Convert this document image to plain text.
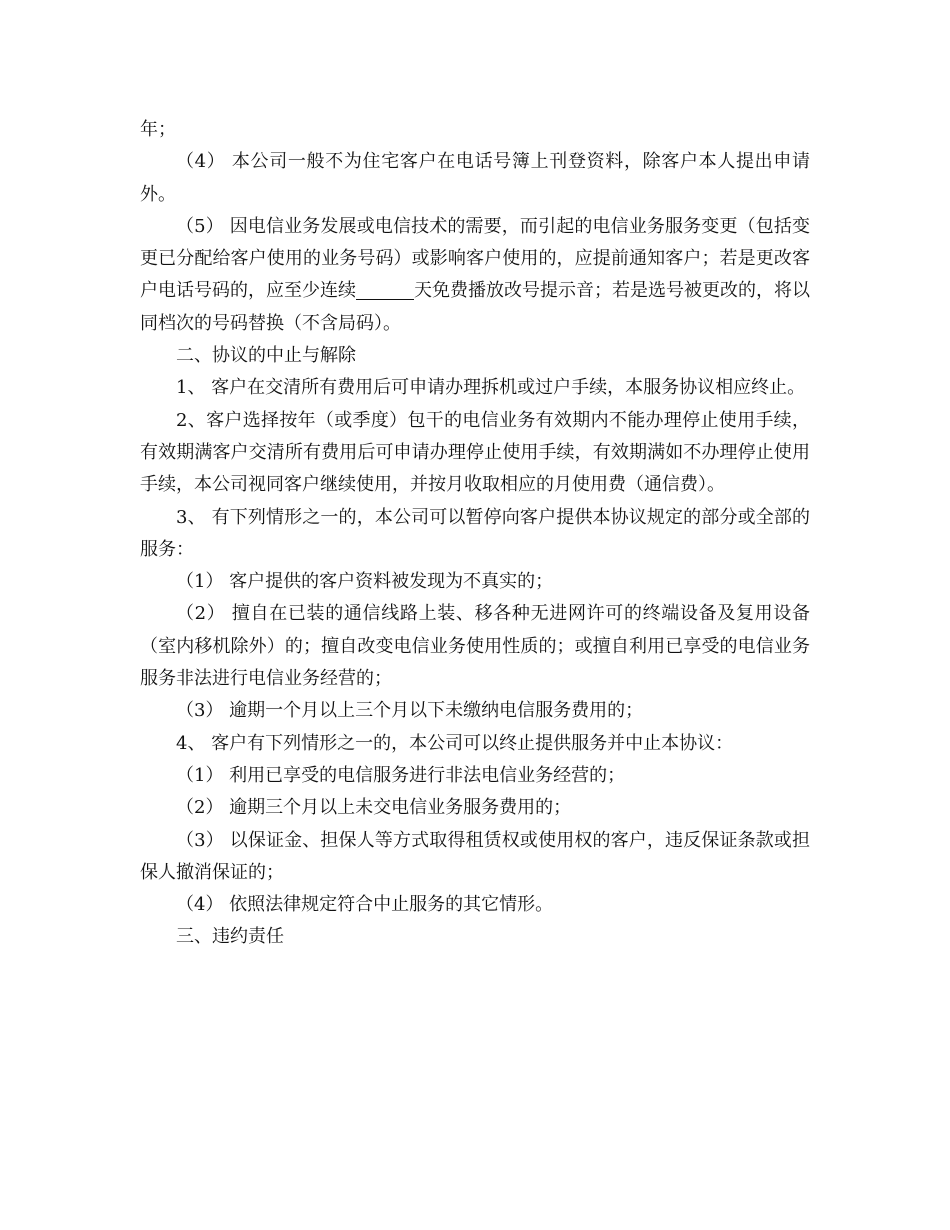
年；

（4） 本公司一般不为住宅客户在电话号簿上刊登资料，除客户本人提出申请外。

（5） 因电信业务发展或电信技术的需要，而引起的电信业务服务变更（包括变更已分配给客户使用的业务号码）或影响客户使用的，应提前通知客户；若是更改客户电话号码的，应至少连续	天免费播放改号提示音；若是选号被更改的，将以同档次的号码替换（不含局码）。

二、协议的中止与解除

1、 客户在交清所有费用后可申请办理拆机或过户手续，本服务协议相应终止。

2、客户选择按年（或季度）包干的电信业务有效期内不能办理停止使用手续，有效期满客户交清所有费用后可申请办理停止使用手续，有效期满如不办理停止使用手续，本公司视同客户继续使用，并按月收取相应的月使用费（通信费）。

3、 有下列情形之一的，本公司可以暂停向客户提供本协议规定的部分或全部的服务：

（1） 客户提供的客户资料被发现为不真实的；

（2） 擅自在已装的通信线路上装、移各种无进网许可的终端设备及复用设备（室内移机除外）的；擅自改变电信业务使用性质的；或擅自利用已享受的电信业务服务非法进行电信业务经营的；

（3） 逾期一个月以上三个月以下未缴纳电信服务费用的；

4、 客户有下列情形之一的，本公司可以终止提供服务并中止本协议：

（1） 利用已享受的电信服务进行非法电信业务经营的；

（2） 逾期三个月以上未交电信业务服务费用的；

（3） 以保证金、担保人等方式取得租赁权或使用权的客户，违反保证条款或担保人撤消保证的；

（4） 依照法律规定符合中止服务的其它情形。

三、违约责任
